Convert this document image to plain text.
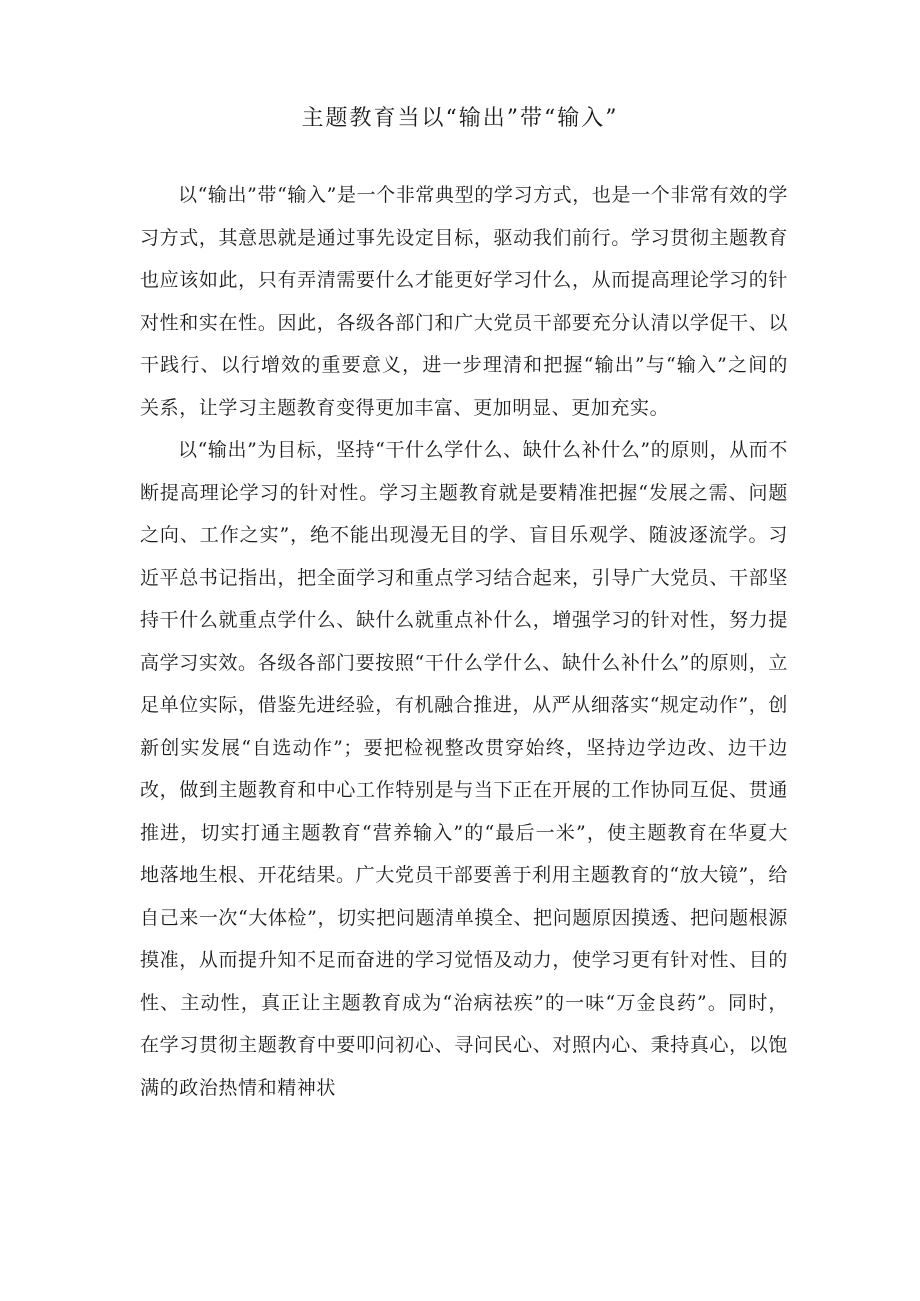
主题教育当以“输出”带“输入”

以“输出”带“输入”是一个非常典型的学习方式，也是一个非常有效的学习方式，其意思就是通过事先设定目标，驱动我们前行。学习贯彻主题教育也应该如此，只有弄清需要什么才能更好学习什么，从而提高理论学习的针对性和实在性。因此，各级各部门和广大党员干部要充分认清以学促干、以干践行、以行增效的重要意义，进一步理清和把握“输出”与“输入”之间的关系，让学习主题教育变得更加丰富、更加明显、更加充实。

以“输出”为目标，坚持“干什么学什么、缺什么补什么”的原则，从而不断提高理论学习的针对性。学习主题教育就是要精准把握“发展之需、问题之向、工作之实”，绝不能出现漫无目的学、盲目乐观学、随波逐流学。习近平总书记指出，把全面学习和重点学习结合起来，引导广大党员、干部坚持干什么就重点学什么、缺什么就重点补什么，增强学习的针对性，努力提高学习实效。各级各部门要按照“干什么学什么、缺什么补什么”的原则，立足单位实际，借鉴先进经验，有机融合推进，从严从细落实“规定动作”，创新创实发展“自选动作”；要把检视整改贯穿始终，坚持边学边改、边干边改，做到主题教育和中心工作特别是与当下正在开展的工作协同互促、贯通推进，切实打通主题教育“营养输入”的“最后一米”，使主题教育在华夏大地落地生根、开花结果。广大党员干部要善于利用主题教育的“放大镜”，给自己来一次“大体检”，切实把问题清单摸全、把问题原因摸透、把问题根源摸准，从而提升知不足而奋进的学习觉悟及动力，使学习更有针对性、目的性、主动性，真正让主题教育成为“治病祛疾”的一味“万金良药”。同时，在学习贯彻主题教育中要叩问初心、寻问民心、对照内心、秉持真心，以饱满的政治热情和精神状
